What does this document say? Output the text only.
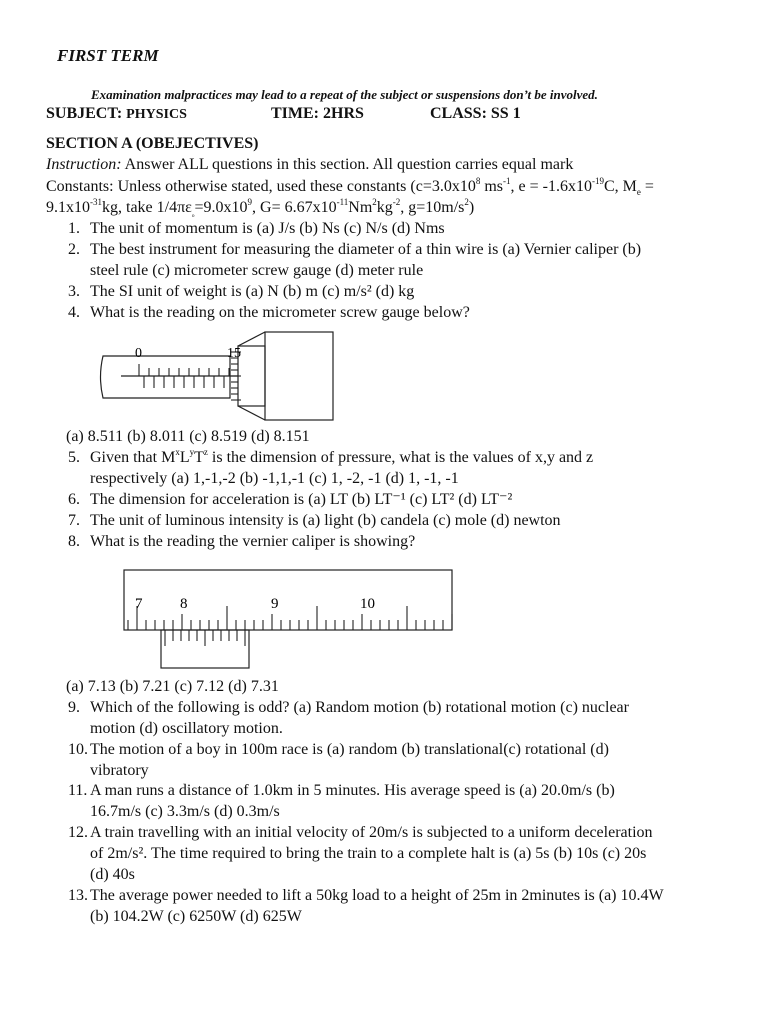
FIRST TERM
Examination malpractices may lead to a repeat of the subject or suspensions don’t be involved.
SUBJECT: PHYSICS	TIME: 2HRS	CLASS: SS 1
SECTION A (OBEJECTIVES)
Instruction: Answer ALL questions in this section. All question carries equal mark
Constants: Unless otherwise stated, used these constants ($c=3.0x10^8$ $ms^{-1}$, $e = -1.6x10^{-19}C$, $M_e$ =
$9.1x10^{-31}kg$, take $1/4\pi\varepsilon_{_o}=9.0x10^9$, $G= 6.67x10^{-11}Nm^2kg^{-2}$, $g=10m/s^2$)
1. The unit of momentum is (a) J/s (b) Ns (c) N/s (d) Nms
2. The best instrument for measuring the diameter of a thin wire is (a) Vernier caliper (b)
steel rule (c) micrometer screw gauge (d) meter rule
3. The SI unit of weight is (a) N (b) m (c) m/s² (d) kg
4. What is the reading on the micrometer screw gauge below?
0	15
(a) 8.511 (b) 8.011 (c) 8.519 (d) 8.151
5. Given that $M^xL^yT^z$ is the dimension of pressure, what is the values of x,y and z
respectively (a) 1,-1,-2 (b) -1,1,-1 (c) 1, -2, -1 (d) 1, -1, -1
6. The dimension for acceleration is (a) LT (b) LT⁻¹ (c) LT² (d) LT⁻²
7. The unit of luminous intensity is (a) light (b) candela (c) mole (d) newton
8. What is the reading the vernier caliper is showing?
7	8	9	10
(a) 7.13 (b) 7.21 (c) 7.12 (d) 7.31
9. Which of the following is odd? (a) Random motion (b) rotational motion (c) nuclear
motion (d) oscillatory motion.
10. The motion of a boy in 100m race is (a) random (b) translational(c) rotational (d)
vibratory
11. A man runs a distance of 1.0km in 5 minutes. His average speed is (a) 20.0m/s (b)
16.7m/s (c) 3.3m/s (d) 0.3m/s
12. A train travelling with an initial velocity of 20m/s is subjected to a uniform deceleration
of 2m/s². The time required to bring the train to a complete halt is (a) 5s (b) 10s (c) 20s
(d) 40s
13. The average power needed to lift a 50kg load to a height of 25m in 2minutes is (a) 10.4W
(b) 104.2W (c) 6250W (d) 625W
